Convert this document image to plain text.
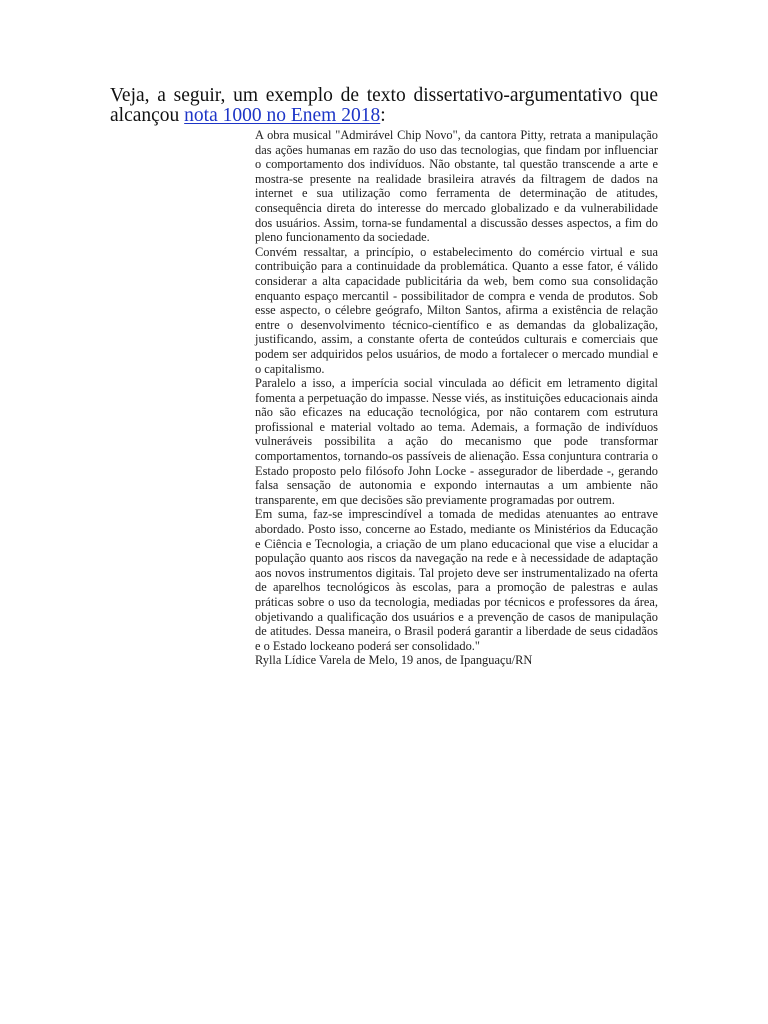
Veja, a seguir, um exemplo de texto dissertativo-argumentativo que alcançou nota 1000 no Enem 2018:

A obra musical "Admirável Chip Novo", da cantora Pitty, retrata a manipulação das ações humanas em razão do uso das tecnologias, que findam por influenciar o comportamento dos indivíduos. Não obstante, tal questão transcende a arte e mostra-se presente na realidade brasileira através da filtragem de dados na internet e sua utilização como ferramenta de determinação de atitudes, consequência direta do interesse do mercado globalizado e da vulnerabilidade dos usuários. Assim, torna-se fundamental a discussão desses aspectos, a fim do pleno funcionamento da sociedade.

Convém ressaltar, a princípio, o estabelecimento do comércio virtual e sua contribuição para a continuidade da problemática. Quanto a esse fator, é válido considerar a alta capacidade publicitária da web, bem como sua consolidação enquanto espaço mercantil - possibilitador de compra e venda de produtos. Sob esse aspecto, o célebre geógrafo, Milton Santos, afirma a existência de relação entre o desenvolvimento técnico-científico e as demandas da globalização, justificando, assim, a constante oferta de conteúdos culturais e comerciais que podem ser adquiridos pelos usuários, de modo a fortalecer o mercado mundial e o capitalismo.

Paralelo a isso, a imperícia social vinculada ao déficit em letramento digital fomenta a perpetuação do impasse. Nesse viés, as instituições educacionais ainda não são eficazes na educação tecnológica, por não contarem com estrutura profissional e material voltado ao tema. Ademais, a formação de indivíduos vulneráveis possibilita a ação do mecanismo que pode transformar comportamentos, tornando-os passíveis de alienação. Essa conjuntura contraria o Estado proposto pelo filósofo John Locke - assegurador de liberdade -, gerando falsa sensação de autonomia e expondo internautas a um ambiente não transparente, em que decisões são previamente programadas por outrem.

Em suma, faz-se imprescindível a tomada de medidas atenuantes ao entrave abordado. Posto isso, concerne ao Estado, mediante os Ministérios da Educação e Ciência e Tecnologia, a criação de um plano educacional que vise a elucidar a população quanto aos riscos da navegação na rede e à necessidade de adaptação aos novos instrumentos digitais. Tal projeto deve ser instrumentalizado na oferta de aparelhos tecnológicos às escolas, para a promoção de palestras e aulas práticas sobre o uso da tecnologia, mediadas por técnicos e professores da área, objetivando a qualificação dos usuários e a prevenção de casos de manipulação de atitudes. Dessa maneira, o Brasil poderá garantir a liberdade de seus cidadãos e o Estado lockeano poderá ser consolidado."

Rylla Lídice Varela de Melo, 19 anos, de Ipanguaçu/RN
